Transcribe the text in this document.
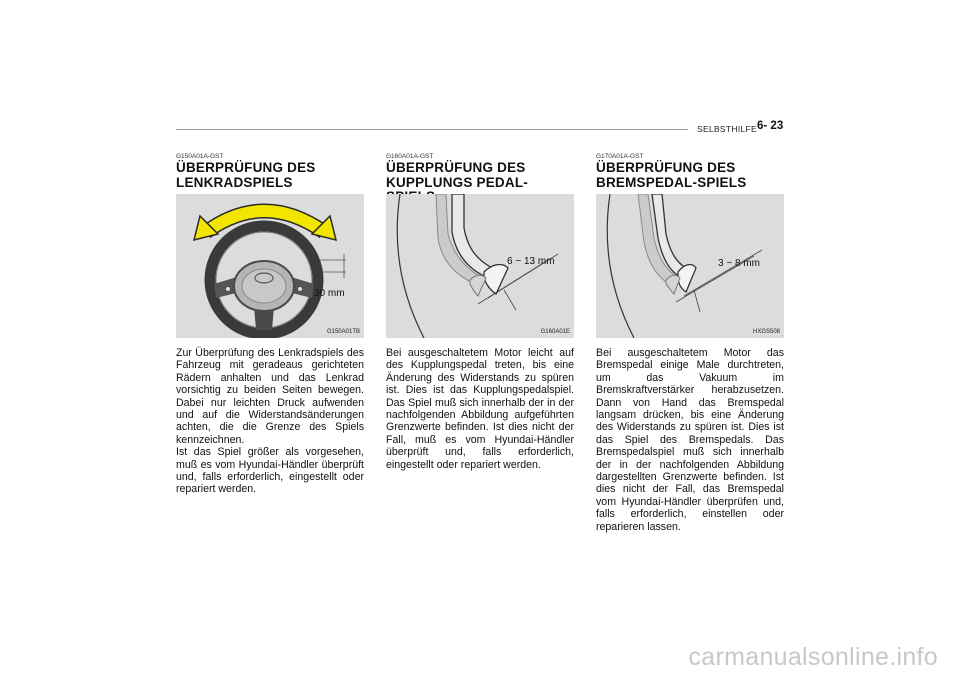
SELBSTHILFE 6- 23
G150A01A-GST
ÜBERPRÜFUNG DES
LENKRADSPIELS
30 mm
G150A01TB

Zur Überprüfung des Lenkradspiels des Fahrzeug mit geradeaus gerichteten Rädern anhalten und das Lenkrad vorsichtig zu beiden Seiten bewegen. Dabei nur leichten Druck aufwenden und auf die Widerstandsänderungen achten, die die Grenze des Spiels kennzeichnen.

Ist das Spiel größer als vorgesehen, muß es vom Hyundai-Händler überprüft und, falls erforderlich, eingestellt oder repariert werden.

G160A01A-GST
ÜBERPRÜFUNG DES
KUPPLUNGS PEDAL-
6 ~ 13 mm
G160A01E

Bei ausgeschaltetem Motor leicht auf des Kupplungspedal treten, bis eine Änderung des Widerstands zu spüren ist. Dies ist das Kupplungspedalspiel. Das Spiel muß sich innerhalb der in der nachfolgenden Abbildung aufgeführten Grenzwerte befinden. Ist dies nicht der Fall, muß es vom Hyundai-Händler überprüft und, falls erforderlich, eingestellt oder repariert werden.

G170A01A-GST
ÜBERPRÜFUNG DES
BREMSPEDAL-SPIELS
3 ~ 8 mm
HXGS508

Bei ausgeschaltetem Motor das Bremspedal einige Male durchtreten, um das Vakuum im Bremskraftverstärker herabzusetzen. Dann von Hand das Bremspedal langsam drücken, bis eine Änderung des Widerstands zu spüren ist. Dies ist das Spiel des Bremspedals. Das Bremspedalspiel muß sich innerhalb der in der nachfolgenden Abbildung dargestellten Grenzwerte befinden. Ist dies nicht der Fall, das Bremspedal vom Hyundai-Händler überprüfen und, falls erforderlich, einstellen oder reparieren lassen.

carmanualsonline.info
